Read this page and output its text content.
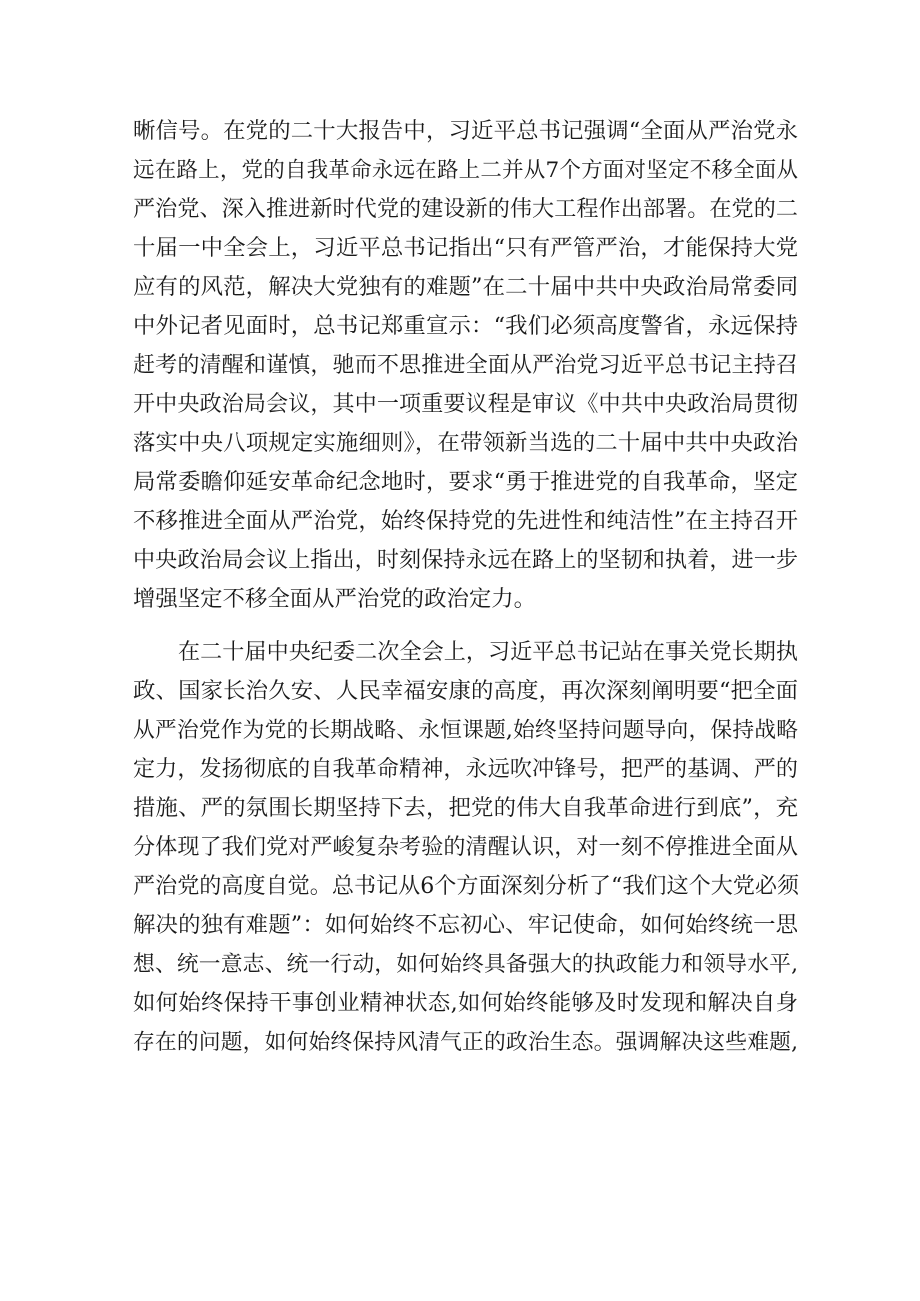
晰信号。在党的二十大报告中，习近平总书记强调“全面从严治党永
远在路上，党的自我革命永远在路上二并从7个方面对坚定不移全面从
严治党、深入推进新时代党的建设新的伟大工程作出部署。在党的二
十届一中全会上，习近平总书记指出“只有严管严治，才能保持大党
应有的风范，解决大党独有的难题”在二十届中共中央政治局常委同
中外记者见面时，总书记郑重宣示：“我们必须高度警省，永远保持
赶考的清醒和谨慎，驰而不思推进全面从严治党习近平总书记主持召
开中央政治局会议，其中一项重要议程是审议《中共中央政治局贯彻
落实中央八项规定实施细则》，在带领新当选的二十届中共中央政治
局常委瞻仰延安革命纪念地时，要求“勇于推进党的自我革命，坚定
不移推进全面从严治党，始终保持党的先进性和纯洁性”在主持召开
中央政治局会议上指出，时刻保持永远在路上的坚韧和执着，进一步
增强坚定不移全面从严治党的政治定力。
在二十届中央纪委二次全会上，习近平总书记站在事关党长期执
政、国家长治久安、人民幸福安康的高度，再次深刻阐明要“把全面
从严治党作为党的长期战略、永恒课题,始终坚持问题导向，保持战略
定力，发扬彻底的自我革命精神，永远吹冲锋号，把严的基调、严的
措施、严的氛围长期坚持下去，把党的伟大自我革命进行到底”，充
分体现了我们党对严峻复杂考验的清醒认识，对一刻不停推进全面从
严治党的高度自觉。总书记从6个方面深刻分析了“我们这个大党必须
解决的独有难题”：如何始终不忘初心、牢记使命，如何始终统一思
想、统一意志、统一行动，如何始终具备强大的执政能力和领导水平,
如何始终保持干事创业精神状态,如何始终能够及时发现和解决自身
存在的问题，如何始终保持风清气正的政治生态。强调解决这些难题,
